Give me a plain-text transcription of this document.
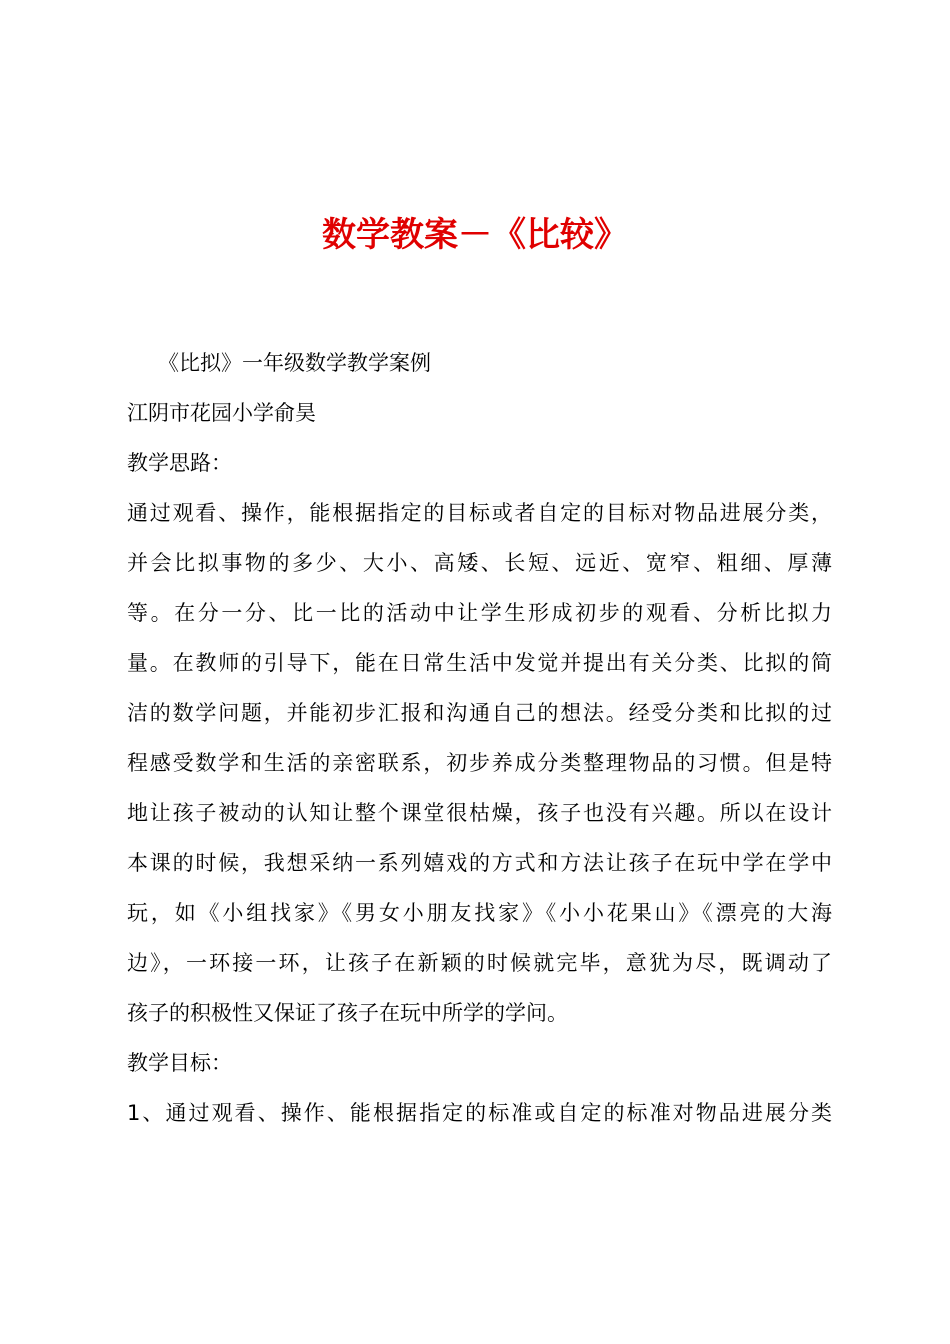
数学教案－《比较》
《比拟》一年级数学教学案例
江阴市花园小学俞昊
教学思路：
通过观看、操作，能根据指定的目标或者自定的目标对物品进展分类，
并会比拟事物的多少、大小、高矮、长短、远近、宽窄、粗细、厚薄
等。在分一分、比一比的活动中让学生形成初步的观看、分析比拟力
量。在教师的引导下，能在日常生活中发觉并提出有关分类、比拟的简
洁的数学问题，并能初步汇报和沟通自己的想法。经受分类和比拟的过
程感受数学和生活的亲密联系，初步养成分类整理物品的习惯。但是特
地让孩子被动的认知让整个课堂很枯燥，孩子也没有兴趣。所以在设计
本课的时候，我想采纳一系列嬉戏的方式和方法让孩子在玩中学在学中
玩，如《小组找家》《男女小朋友找家》《小小花果山》《漂亮的大海
边》，一环接一环，让孩子在新颖的时候就完毕，意犹为尽，既调动了
孩子的积极性又保证了孩子在玩中所学的学问。
教学目标：
1、通过观看、操作、能根据指定的标准或自定的标准对物品进展分类
